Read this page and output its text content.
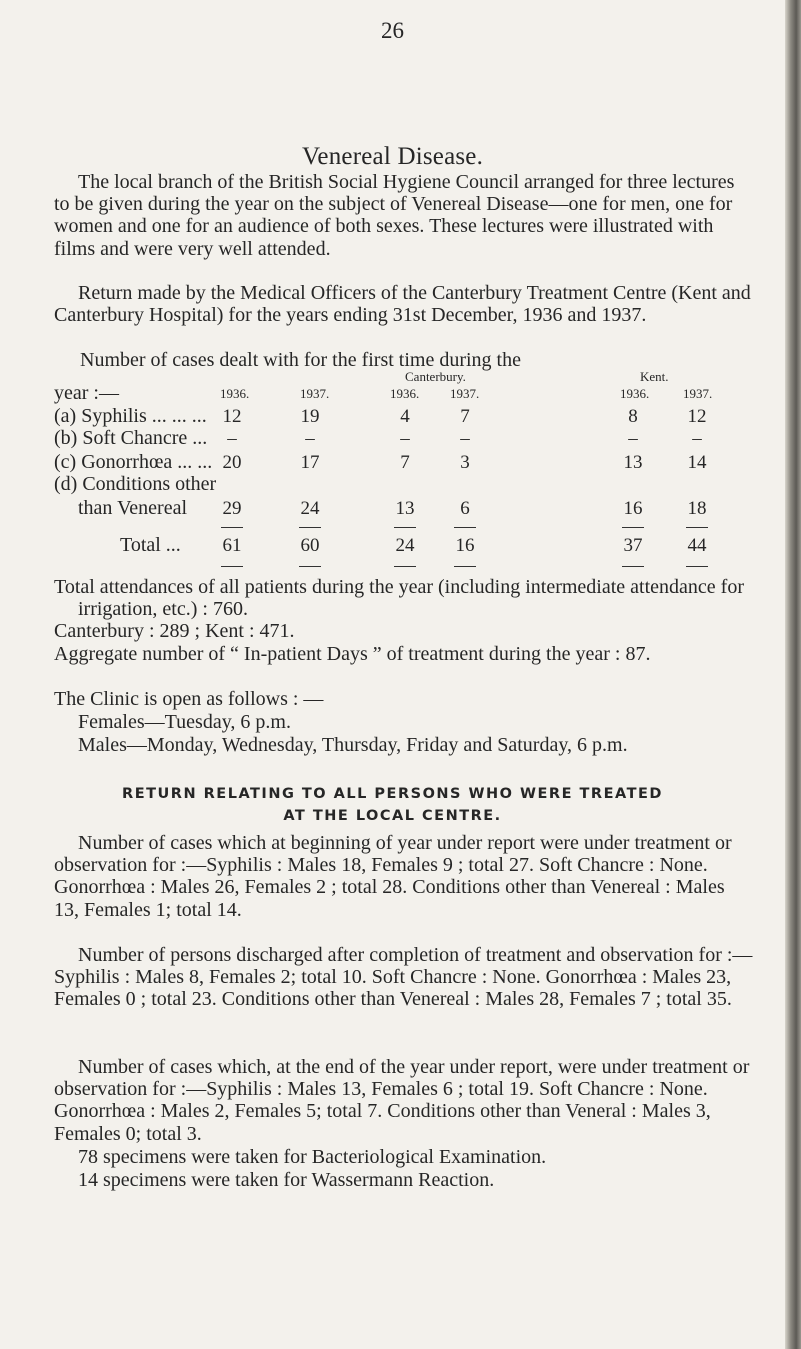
26
Venereal Disease.
The local branch of the British Social Hygiene Council arranged for three lectures to be given during the year on the subject of Venereal Disease—one for men, one for women and one for an audience of both sexes. These lectures were illustrated with films and were very well attended.
Return made by the Medical Officers of the Canterbury Treatment Centre (Kent and Canterbury Hospital) for the years ending 31st December, 1936 and 1937.
Number of cases dealt with for the first time during the
Canterbury.	Kent.
year :—	1936.	1937.	1936. 1937.	1936.	1937.
(a) Syphilis ... ... ... 12	19	4	7	8	12
(b) Soft Chancre ...	–	–	–	–	–	–
(c) Gonorrhœa ... ... 20	17	7	3	13	14
(d) Conditions other
than Venereal	29	24	13	6	16	18
Total ...	61	60	24	16	37	44
Total attendances of all patients during the year (including intermediate attendance for irrigation, etc.) : 760.
Canterbury : 289 ; Kent : 471.
Aggregate number of “ In-patient Days ” of treatment during the year : 87.
The Clinic is open as follows : —
Females—Tuesday, 6 p.m.
Males—Monday, Wednesday, Thursday, Friday and Saturday, 6 p.m.
RETURN RELATING TO ALL PERSONS WHO WERE TREATED
AT THE LOCAL CENTRE.
Number of cases which at beginning of year under report were under treatment or observation for :—Syphilis : Males 18, Females 9 ; total 27. Soft Chancre : None. Gonorrhœa : Males 26, Females 2 ; total 28. Conditions other than Venereal : Males 13, Females 1; total 14.
Number of persons discharged after completion of treatment and observation for :—Syphilis : Males 8, Females 2; total 10. Soft Chancre : None. Gonorrhœa : Males 23, Females 0 ; total 23. Conditions other than Venereal : Males 28, Females 7 ; total 35.
Number of cases which, at the end of the year under report, were under treatment or observation for :—Syphilis : Males 13, Females 6 ; total 19. Soft Chancre : None. Gonorrhœa : Males 2, Females 5; total 7. Conditions other than Veneral : Males 3, Females 0; total 3.
78 specimens were taken for Bacteriological Examination.
14 specimens were taken for Wassermann Reaction.
